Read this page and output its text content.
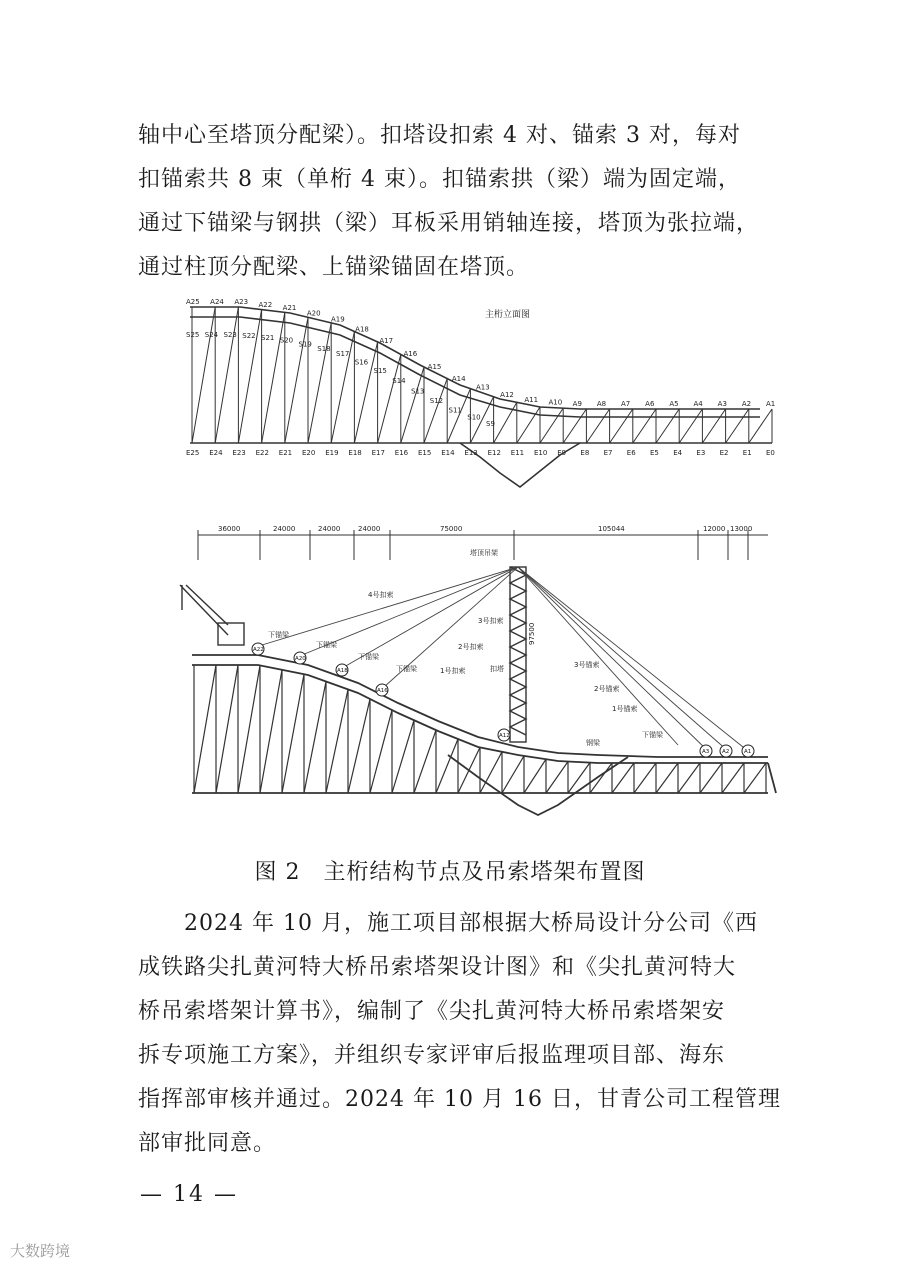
轴中心至塔顶分配梁）。扣塔设扣索 4 对、锚索 3 对，每对
扣锚索共 8 束（单桁 4 束）。扣锚索拱（梁）端为固定端，
通过下锚梁与钢拱（梁）耳板采用销轴连接，塔顶为张拉端，
通过柱顶分配梁、上锚梁锚固在塔顶。
主桁立面图
A25 A24 A23 A22 A21
A20
A19
A18
A17
A16
A15
A14
A13
A12
A11 A10 A9 A8 A7 A6 A5 A4 A3 A2 A1
S25 S24 S23 S22 S21 S20 S19
S18
S17
S16
S15
S14
S13
S12
S11
S10
S9
E25 E24 E23 E22 E21 E20 E19 E18 E17 E16 E15 E14 E13 E12 E11 E10 E9 E8 E7 E6 E5 E4 E3 E2 E1 E0
36000	24000	24000	24000	75000	105044	12000 13000
A22
A20
A18
A16
A12
A3 A2	A1
塔顶吊架
4号扣索
3号扣索
2号扣索
1号扣索
下锚梁
下锚梁
下锚梁
下锚梁	扣塔	3号锚索
2号锚索
1号锚索
钢梁
下锚梁
97500
图 2　主桁结构节点及吊索塔架布置图
　　2024 年 10 月，施工项目部根据大桥局设计分公司《西
成铁路尖扎黄河特大桥吊索塔架设计图》和《尖扎黄河特大
桥吊索塔架计算书》，编制了《尖扎黄河特大桥吊索塔架安
拆专项施工方案》，并组织专家评审后报监理项目部、海东
指挥部审核并通过。2024 年 10 月 16 日，甘青公司工程管理
部审批同意。
— 14 —
大数跨境
